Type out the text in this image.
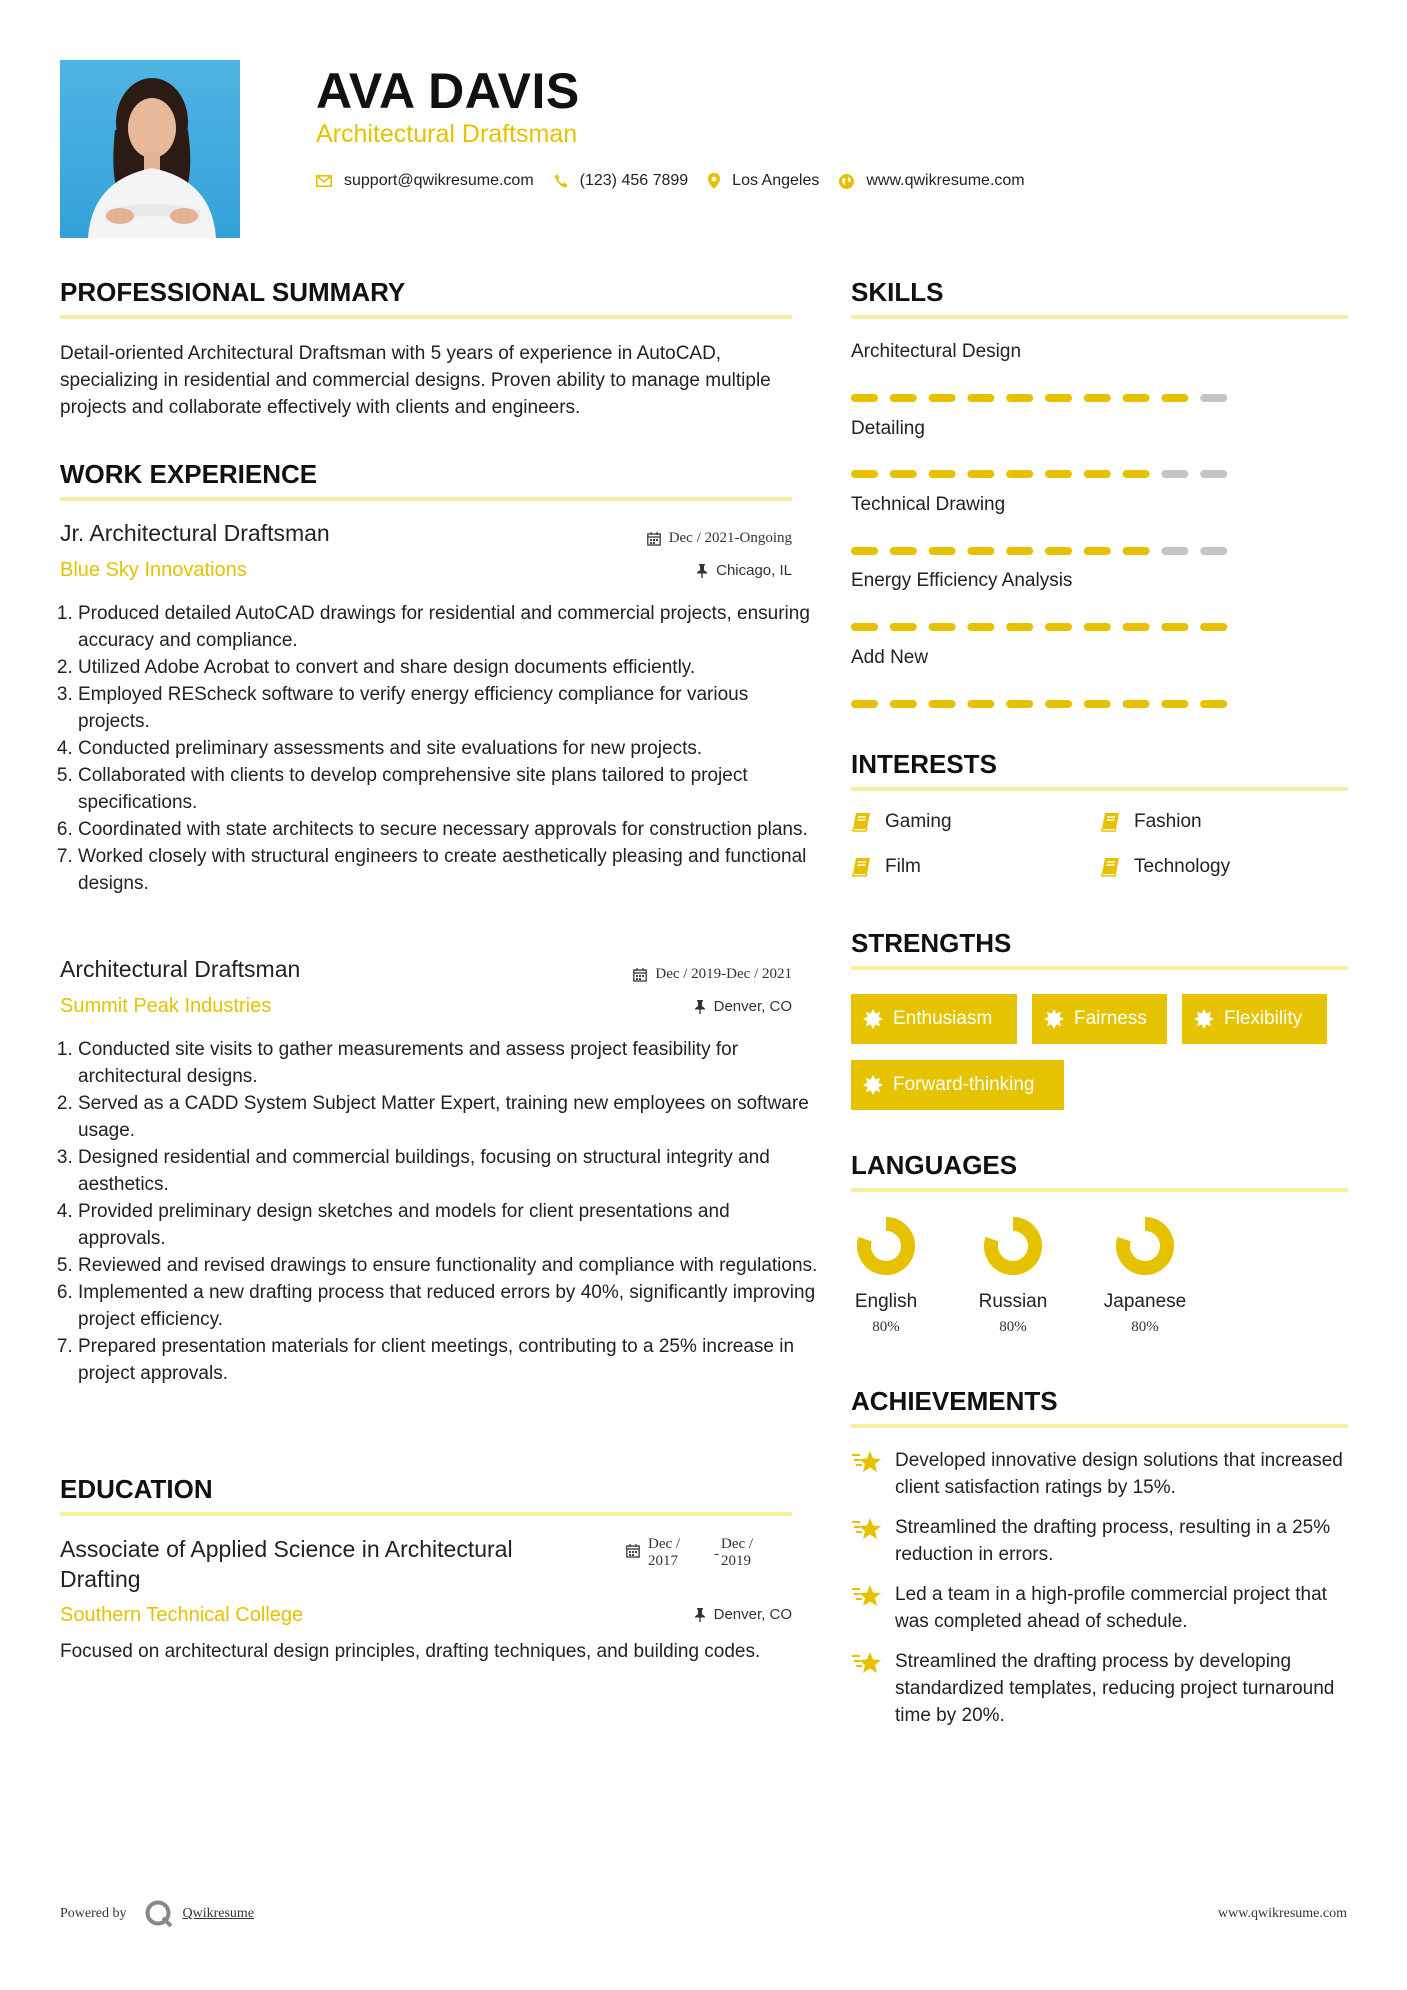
AVA DAVIS
Architectural Draftsman
support@qwikresume.com	(123) 456 7899	Los Angeles	www.qwikresume.com
PROFESSIONAL SUMMARY
Detail-oriented Architectural Draftsman with 5 years of experience in AutoCAD, specializing in residential and commercial designs. Proven ability to manage multiple projects and collaborate effectively with clients and engineers.
WORK EXPERIENCE
Jr. Architectural Draftsman	Dec / 2021-Ongoing
Blue Sky Innovations	Chicago, IL
1. Produced detailed AutoCAD drawings for residential and commercial projects, ensuring accuracy and compliance.
2. Utilized Adobe Acrobat to convert and share design documents efficiently.
3. Employed REScheck software to verify energy efficiency compliance for various projects.
4. Conducted preliminary assessments and site evaluations for new projects.
5. Collaborated with clients to develop comprehensive site plans tailored to project specifications.
6. Coordinated with state architects to secure necessary approvals for construction plans.
7. Worked closely with structural engineers to create aesthetically pleasing and functional designs.
Architectural Draftsman	Dec / 2019-Dec / 2021
Summit Peak Industries	Denver, CO
1. Conducted site visits to gather measurements and assess project feasibility for architectural designs.
2. Served as a CADD System Subject Matter Expert, training new employees on software usage.
3. Designed residential and commercial buildings, focusing on structural integrity and aesthetics.
4. Provided preliminary design sketches and models for client presentations and approvals.
5. Reviewed and revised drawings to ensure functionality and compliance with regulations.
6. Implemented a new drafting process that reduced errors by 40%, significantly improving project efficiency.
7. Prepared presentation materials for client meetings, contributing to a 25% increase in project approvals.
EDUCATION
Associate of Applied Science in Architectural Drafting
Dec / 2017	-
Dec / 2019
Southern Technical College	Denver, CO
Focused on architectural design principles, drafting techniques, and building codes.
SKILLS
Architectural Design
Detailing
Technical Drawing
Energy Efficiency Analysis
Add New
INTERESTS
Gaming	Fashion
Film	Technology
STRENGTHS
Enthusiasm	Fairness	Flexibility
Forward-thinking
LANGUAGES
English
80%
Russian
80%
Japanese
80%
ACHIEVEMENTS
Developed innovative design solutions that increased client satisfaction ratings by 15%.
Streamlined the drafting process, resulting in a 25% reduction in errors.
Led a team in a high-profile commercial project that was completed ahead of schedule.
Streamlined the drafting process by developing standardized templates, reducing project turnaround time by 20%.
Powered by	Qwikresume	www.qwikresume.com
